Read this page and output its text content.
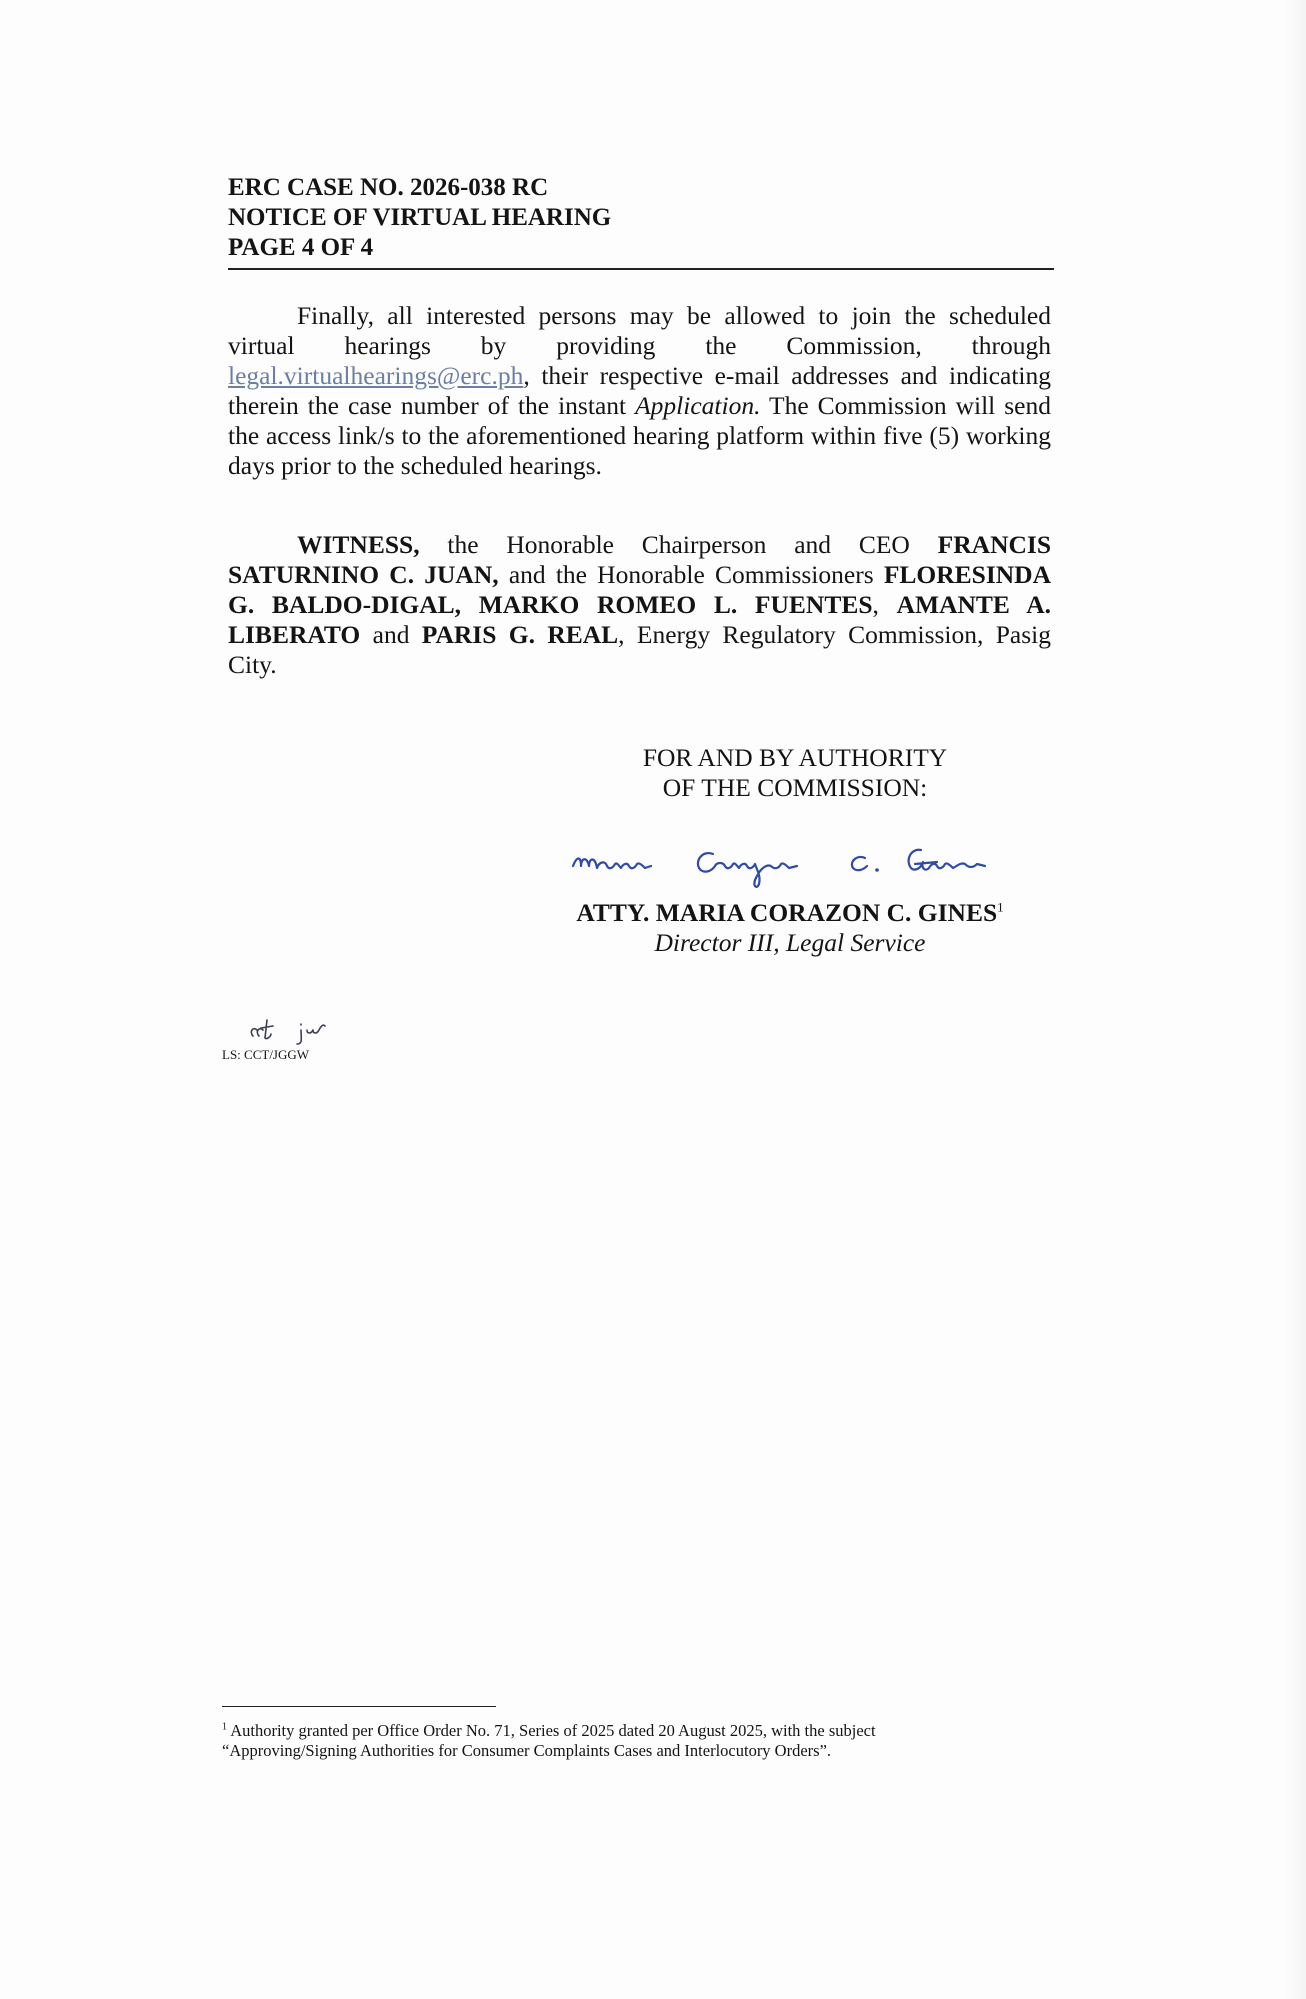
ERC CASE NO. 2026-038 RC
NOTICE OF VIRTUAL HEARING
PAGE 4 OF 4
Finally, all interested persons may be allowed to join the scheduled virtual hearings by providing the Commission, through legal.virtualhearings@erc.ph, their respective e-mail addresses and indicating therein the case number of the instant Application. The Commission will send the access link/s to the aforementioned hearing platform within five (5) working days prior to the scheduled hearings.
WITNESS, the Honorable Chairperson and CEO FRANCIS SATURNINO C. JUAN, and the Honorable Commissioners FLORESINDA G. BALDO-DIGAL, MARKO ROMEO L. FUENTES, AMANTE A. LIBERATO and PARIS G. REAL, Energy Regulatory Commission, Pasig City.
FOR AND BY AUTHORITY
OF THE COMMISSION:
ATTY. MARIA CORAZON C. GINES$^1$
Director III, Legal Service
LS: CCT/JGGW
$^1$ Authority granted per Office Order No. 71, Series of 2025 dated 20 August 2025, with the subject
“Approving/Signing Authorities for Consumer Complaints Cases and Interlocutory Orders”.
